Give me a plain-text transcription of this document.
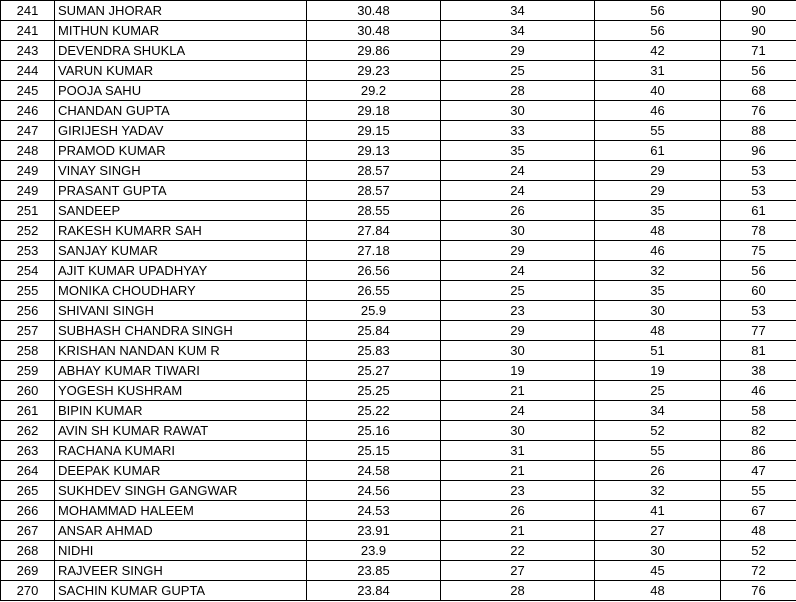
241	SUMAN JHORAR	30.48	34	56	90
241	MITHUN KUMAR	30.48	34	56	90
243	DEVENDRA SHUKLA	29.86	29	42	71
244	VARUN KUMAR	29.23	25	31	56
245	POOJA SAHU	29.2	28	40	68
246	CHANDAN GUPTA	29.18	30	46	76
247	GIRIJESH YADAV	29.15	33	55	88
248	PRAMOD KUMAR	29.13	35	61	96
249	VINAY SINGH	28.57	24	29	53
249	PRASANT GUPTA	28.57	24	29	53
251	SANDEEP	28.55	26	35	61
252	RAKESH KUMARR SAH	27.84	30	48	78
253	SANJAY KUMAR	27.18	29	46	75
254	AJIT KUMAR UPADHYAY	26.56	24	32	56
255	MONIKA CHOUDHARY	26.55	25	35	60
256	SHIVANI SINGH	25.9	23	30	53
257	SUBHASH CHANDRA SINGH	25.84	29	48	77
258	KRISHAN NANDAN KUM R	25.83	30	51	81
259	ABHAY KUMAR TIWARI	25.27	19	19	38
260	YOGESH KUSHRAM	25.25	21	25	46
261	BIPIN KUMAR	25.22	24	34	58
262	AVIN SH KUMAR RAWAT	25.16	30	52	82
263	RACHANA KUMARI	25.15	31	55	86
264	DEEPAK KUMAR	24.58	21	26	47
265	SUKHDEV SINGH GANGWAR	24.56	23	32	55
266	MOHAMMAD HALEEM	24.53	26	41	67
267	ANSAR AHMAD	23.91	21	27	48
268	NIDHI	23.9	22	30	52
269	RAJVEER SINGH	23.85	27	45	72
270	SACHIN KUMAR GUPTA	23.84	28	48	76
